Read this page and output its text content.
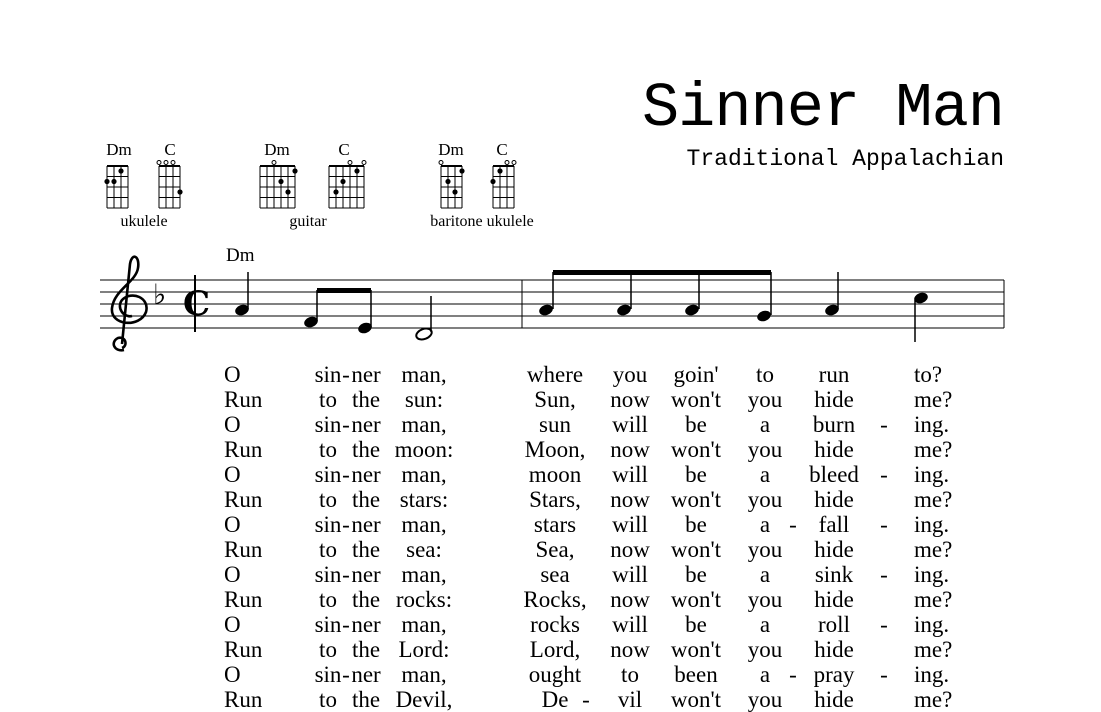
Sinner Man
Traditional Appalachian
Dm	C	Dm	C	Dm	C
ukulele	guitar	baritone ukulele
Dm
♭ C
O	sin ner man,	where you goin' to run	to?
-
Run to the sun:	Sun, now won't you hide	me?
O	sin ner man,	sun will be a burn	ing.
-	-
Run to the moon:	Moon, now won't you hide	me?
O	sin ner man,	moon will be a bleed ing.
-	-
Run to the stars:	Stars, now won't you hide	me?
O	sin ner man,	stars will be a fall	ing.
-	-
-
Run to the sea:	Sea, now won't you hide	me?
O	sin ner man,	sea will be a sink	ing.
-	-
Run to the rocks:	Rocks, now won't you hide	me?
O	sin ner man,	rocks will be a roll	ing.
-	-
Run to the Lord:	Lord, now won't you hide	me?
O	sin ner man,	ought to been a pray	ing.
-	-
-
Run to the Devil,	De vil won't you hide	me?
-
